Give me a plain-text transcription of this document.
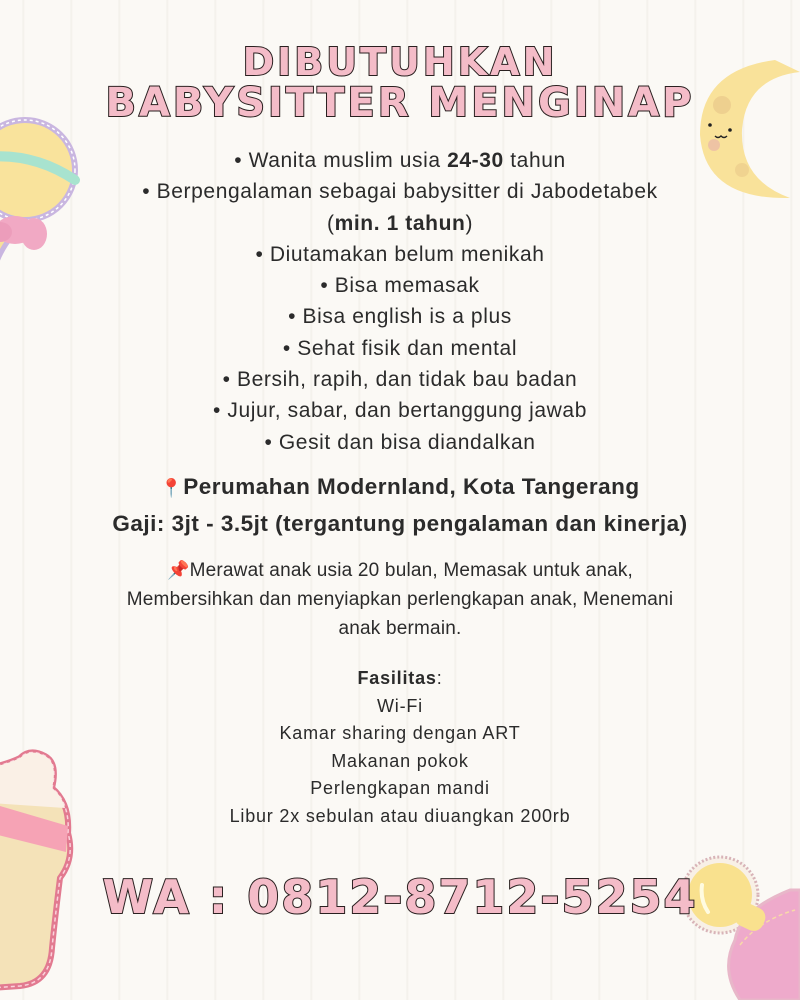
DIBUTUHKAN
BABYSITTER MENGINAP
• Wanita muslim usia 24-30 tahun
• Berpengalaman sebagai babysitter di Jabodetabek
(min. 1 tahun)
• Diutamakan belum menikah
• Bisa memasak
• Bisa english is a plus
• Sehat fisik dan mental
• Bersih, rapih, dan tidak bau badan
• Jujur, sabar, dan bertanggung jawab
• Gesit dan bisa diandalkan
📍Perumahan Modernland, Kota Tangerang
Gaji: 3jt - 3.5jt (tergantung pengalaman dan kinerja)
📌Merawat anak usia 20 bulan, Memasak untuk anak,
Membersihkan dan menyiapkan perlengkapan anak, Menemani
anak bermain.
Fasilitas:
Wi-Fi
Kamar sharing dengan ART
Makanan pokok
Perlengkapan mandi
Libur 2x sebulan atau diuangkan 200rb
WA : 0812-8712-5254
